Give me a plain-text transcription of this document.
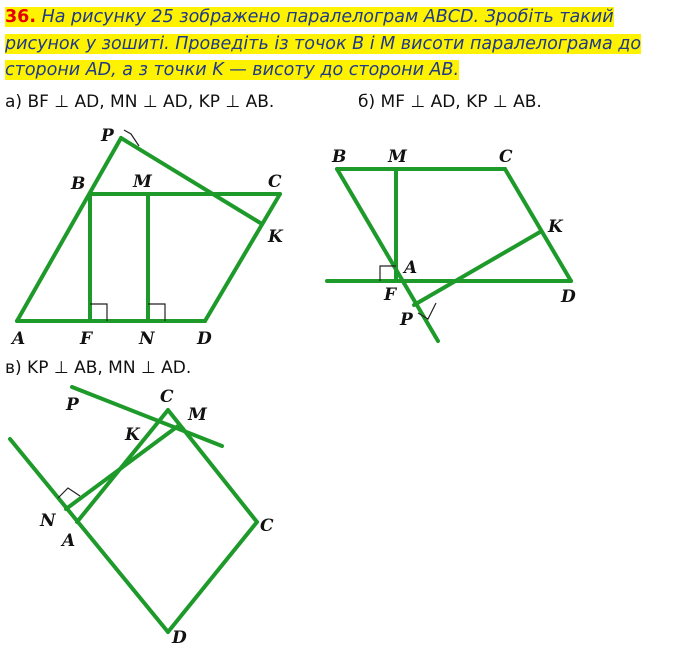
36. На рисунку 25 зображено паралелограм ABCD. Зробіть такий рисунок у зошиті. Проведіть із точок B і M висоти паралелограма до сторони AD, а з точки K — висоту до сторони AB.
а) BF ⊥ AD, MN ⊥ AD, KP ⊥ AB.	б) MF ⊥ AD, KP ⊥ AB.
в) KP ⊥ AB, MN ⊥ AD.
P
B	M	C
K
A	F	N D
B M	C
K
A
F	D
P
P	C
M
K
N
A
C
D
